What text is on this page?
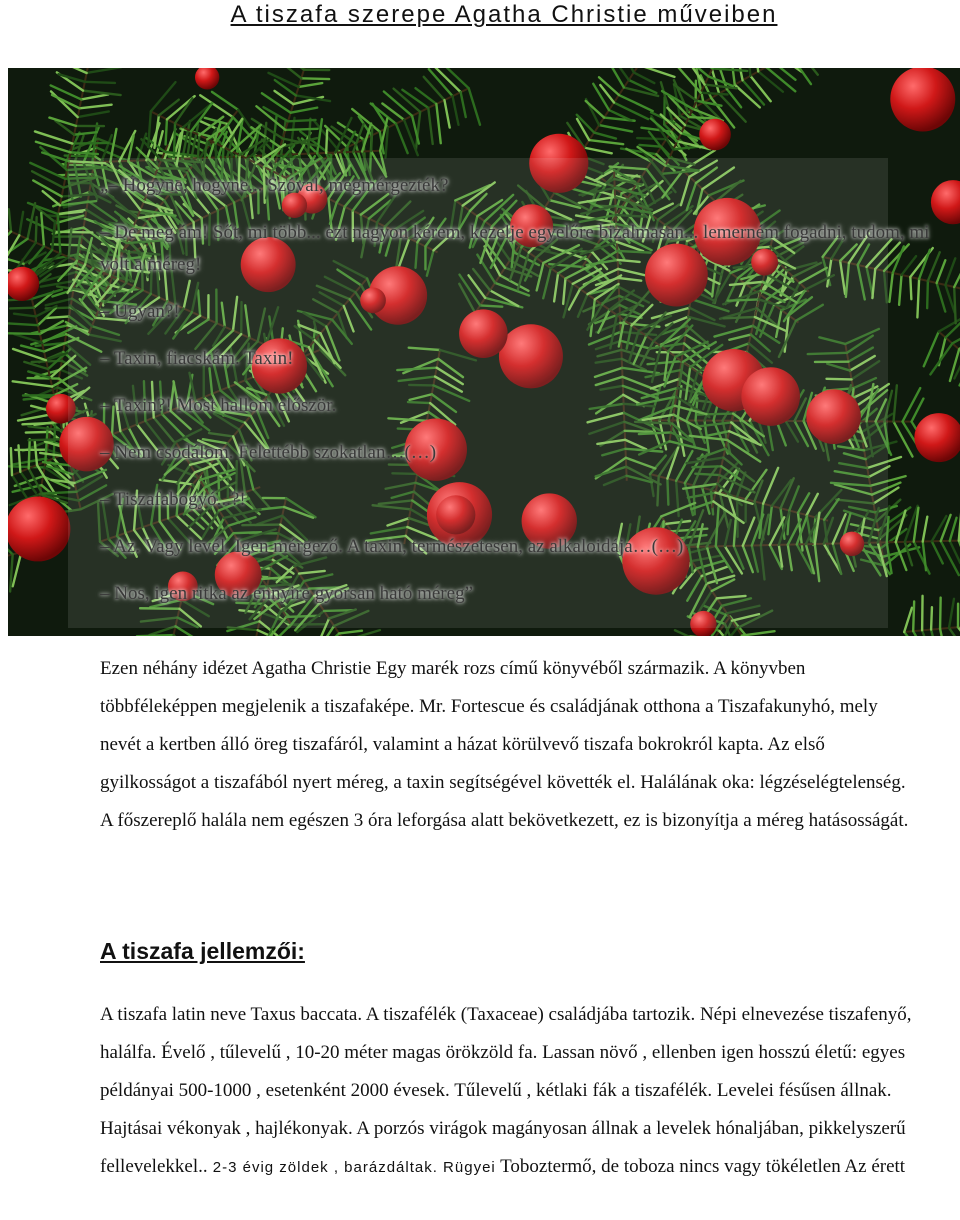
A tiszafa szerepe Agatha Christie műveiben

„– Hogyne, hogyne... Szóval, megmérgezték?

– De meg ám! Sőt, mi több... ezt nagyon kérem, kezelje egyelőre bizalmasan... lemerném fogadni, tudom, mi volt a méreg!

– Ugyan?!

– Taxin, fiacskám. Taxin!

– Taxin?! Most hallom először.

– Nem csodálom. Felettébb szokatlan…(…)

– Tiszafabogyó...?!

– Az. Vagy levél. Igen mérgező. A taxin, természetesen, az alkaloidája…(…)

– Nos, igen ritka az ennyire gyorsan ható méreg”

Ezen néhány idézet Agatha Christie Egy marék rozs című könyvéből származik. A könyvben többféleképpen megjelenik a tiszafaképe. Mr. Fortescue és családjának otthona a Tiszafakunyhó, mely nevét a kertben álló öreg tiszafáról, valamint a házat körülvevő tiszafa bokrokról kapta. Az első gyilkosságot a tiszafából nyert méreg, a taxin segítségével követték el. Halálának oka: légzéselégtelenség. A főszereplő halála nem egészen 3 óra leforgása alatt bekövetkezett, ez is bizonyítja a méreg hatásosságát.

A tiszafa jellemzői:

A tiszafa latin neve Taxus baccata. A tiszafélék (Taxaceae) családjába tartozik. Népi elnevezése tiszafenyő, halálfa. Évelő , tűlevelű , 10-20 méter magas örökzöld fa. Lassan növő , ellenben igen hosszú életű: egyes példányai 500-1000 , esetenként 2000 évesek. Tűlevelű , kétlaki fák a tiszafélék. Levelei fésűsen állnak. Hajtásai vékonyak , hajlékonyak. A porzós virágok magányosan állnak a levelek hónaljában, pikkelyszerű fellevelekkel.. 2-3 évig zöldek , barázdáltak. Rügyei Toboztermő, de toboza nincs vagy tökéletlen Az érett
